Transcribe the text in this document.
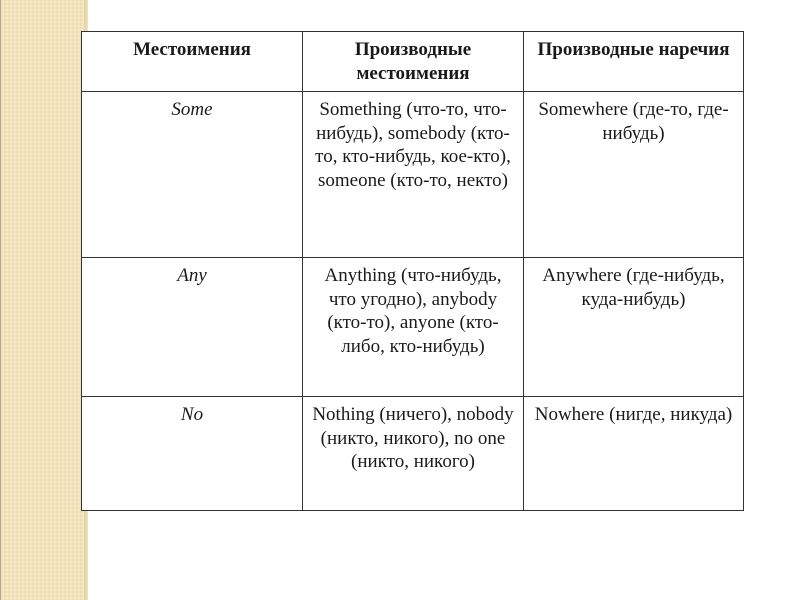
Местоимения	Производные местоимения	Производные наречия
Some	Something (что-то, что-нибудь), somebody (кто-то, кто-нибудь, кое-кто), someone (кто-то, некто)	Somewhere (где-то, где-нибудь)
Any	Anything (что-нибудь, что угодно), anybody (кто-то), anyone (кто-либо, кто-нибудь)	Anywhere (где-нибудь, куда-нибудь)
No	Nothing (ничего), nobody (никто, никого), no one (никто, никого)	Nowhere (нигде, никуда)
